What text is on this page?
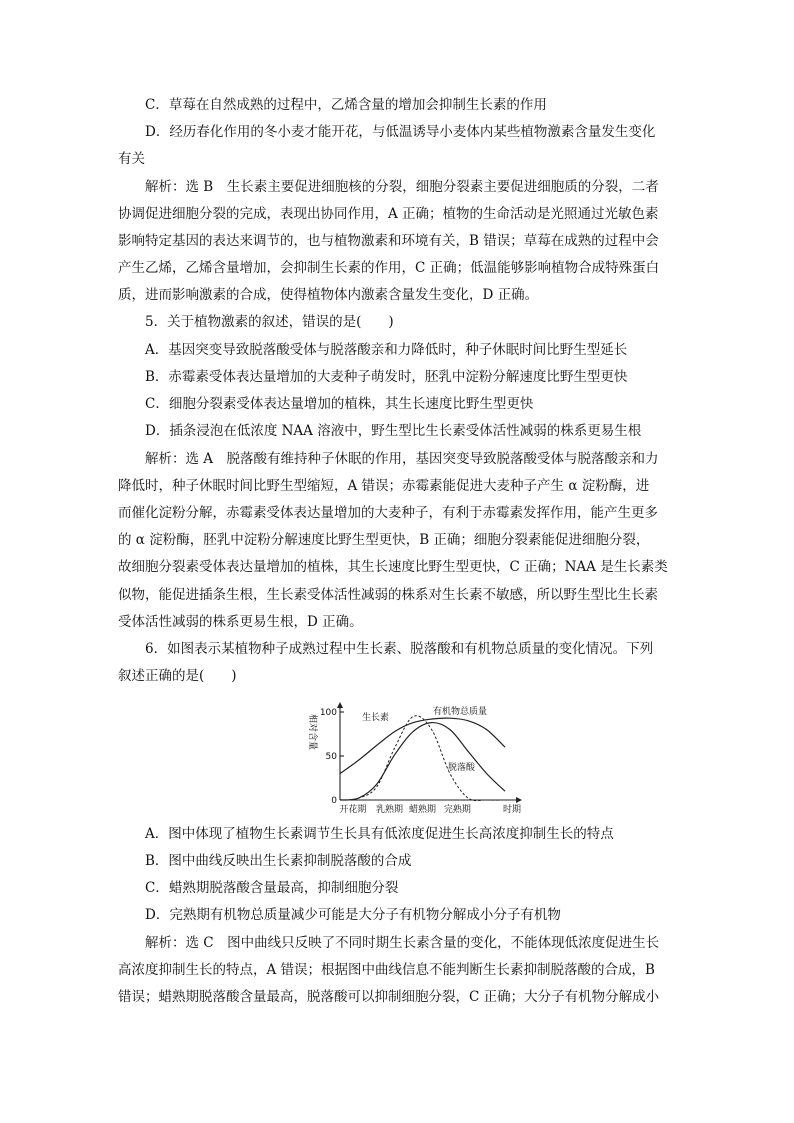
C．草莓在自然成熟的过程中，乙烯含量的增加会抑制生长素的作用
D．经历春化作用的冬小麦才能开花，与低温诱导小麦体内某些植物激素含量发生变化
有关
解析：选 B　生长素主要促进细胞核的分裂，细胞分裂素主要促进细胞质的分裂，二者
协调促进细胞分裂的完成，表现出协同作用，A 正确；植物的生命活动是光照通过光敏色素
影响特定基因的表达来调节的，也与植物激素和环境有关，B 错误；草莓在成熟的过程中会
产生乙烯，乙烯含量增加，会抑制生长素的作用，C 正确；低温能够影响植物合成特殊蛋白
质，进而影响激素的合成，使得植物体内激素含量发生变化，D 正确。
5．关于植物激素的叙述，错误的是(　　)
A．基因突变导致脱落酸受体与脱落酸亲和力降低时，种子休眠时间比野生型延长
B．赤霉素受体表达量增加的大麦种子萌发时，胚乳中淀粉分解速度比野生型更快
C．细胞分裂素受体表达量增加的植株，其生长速度比野生型更快
D．插条浸泡在低浓度 NAA 溶液中，野生型比生长素受体活性减弱的株系更易生根
解析：选 A　脱落酸有维持种子休眠的作用，基因突变导致脱落酸受体与脱落酸亲和力
降低时，种子休眠时间比野生型缩短，A 错误；赤霉素能促进大麦种子产生 α 淀粉酶，进
而催化淀粉分解，赤霉素受体表达量增加的大麦种子，有利于赤霉素发挥作用，能产生更多
的 α 淀粉酶，胚乳中淀粉分解速度比野生型更快，B 正确；细胞分裂素能促进细胞分裂，
故细胞分裂素受体表达量增加的植株，其生长速度比野生型更快，C 正确；NAA 是生长素类
似物，能促进插条生根，生长素受体活性减弱的株系对生长素不敏感，所以野生型比生长素
受体活性减弱的株系更易生根，D 正确。
6．如图表示某植物种子成熟过程中生长素、脱落酸和有机物总质量的变化情况。下列
叙述正确的是(　　)
0
50
100
开花期 乳熟期 蜡熟期 完熟期
生长素
有机物总质量
脱落酸
相对含量
时期
A．图中体现了植物生长素调节生长具有低浓度促进生长高浓度抑制生长的特点
B．图中曲线反映出生长素抑制脱落酸的合成
C．蜡熟期脱落酸含量最高，抑制细胞分裂
D．完熟期有机物总质量减少可能是大分子有机物分解成小分子有机物
解析：选 C　图中曲线只反映了不同时期生长素含量的变化，不能体现低浓度促进生长
高浓度抑制生长的特点，A 错误；根据图中曲线信息不能判断生长素抑制脱落酸的合成，B
错误；蜡熟期脱落酸含量最高，脱落酸可以抑制细胞分裂，C 正确；大分子有机物分解成小
